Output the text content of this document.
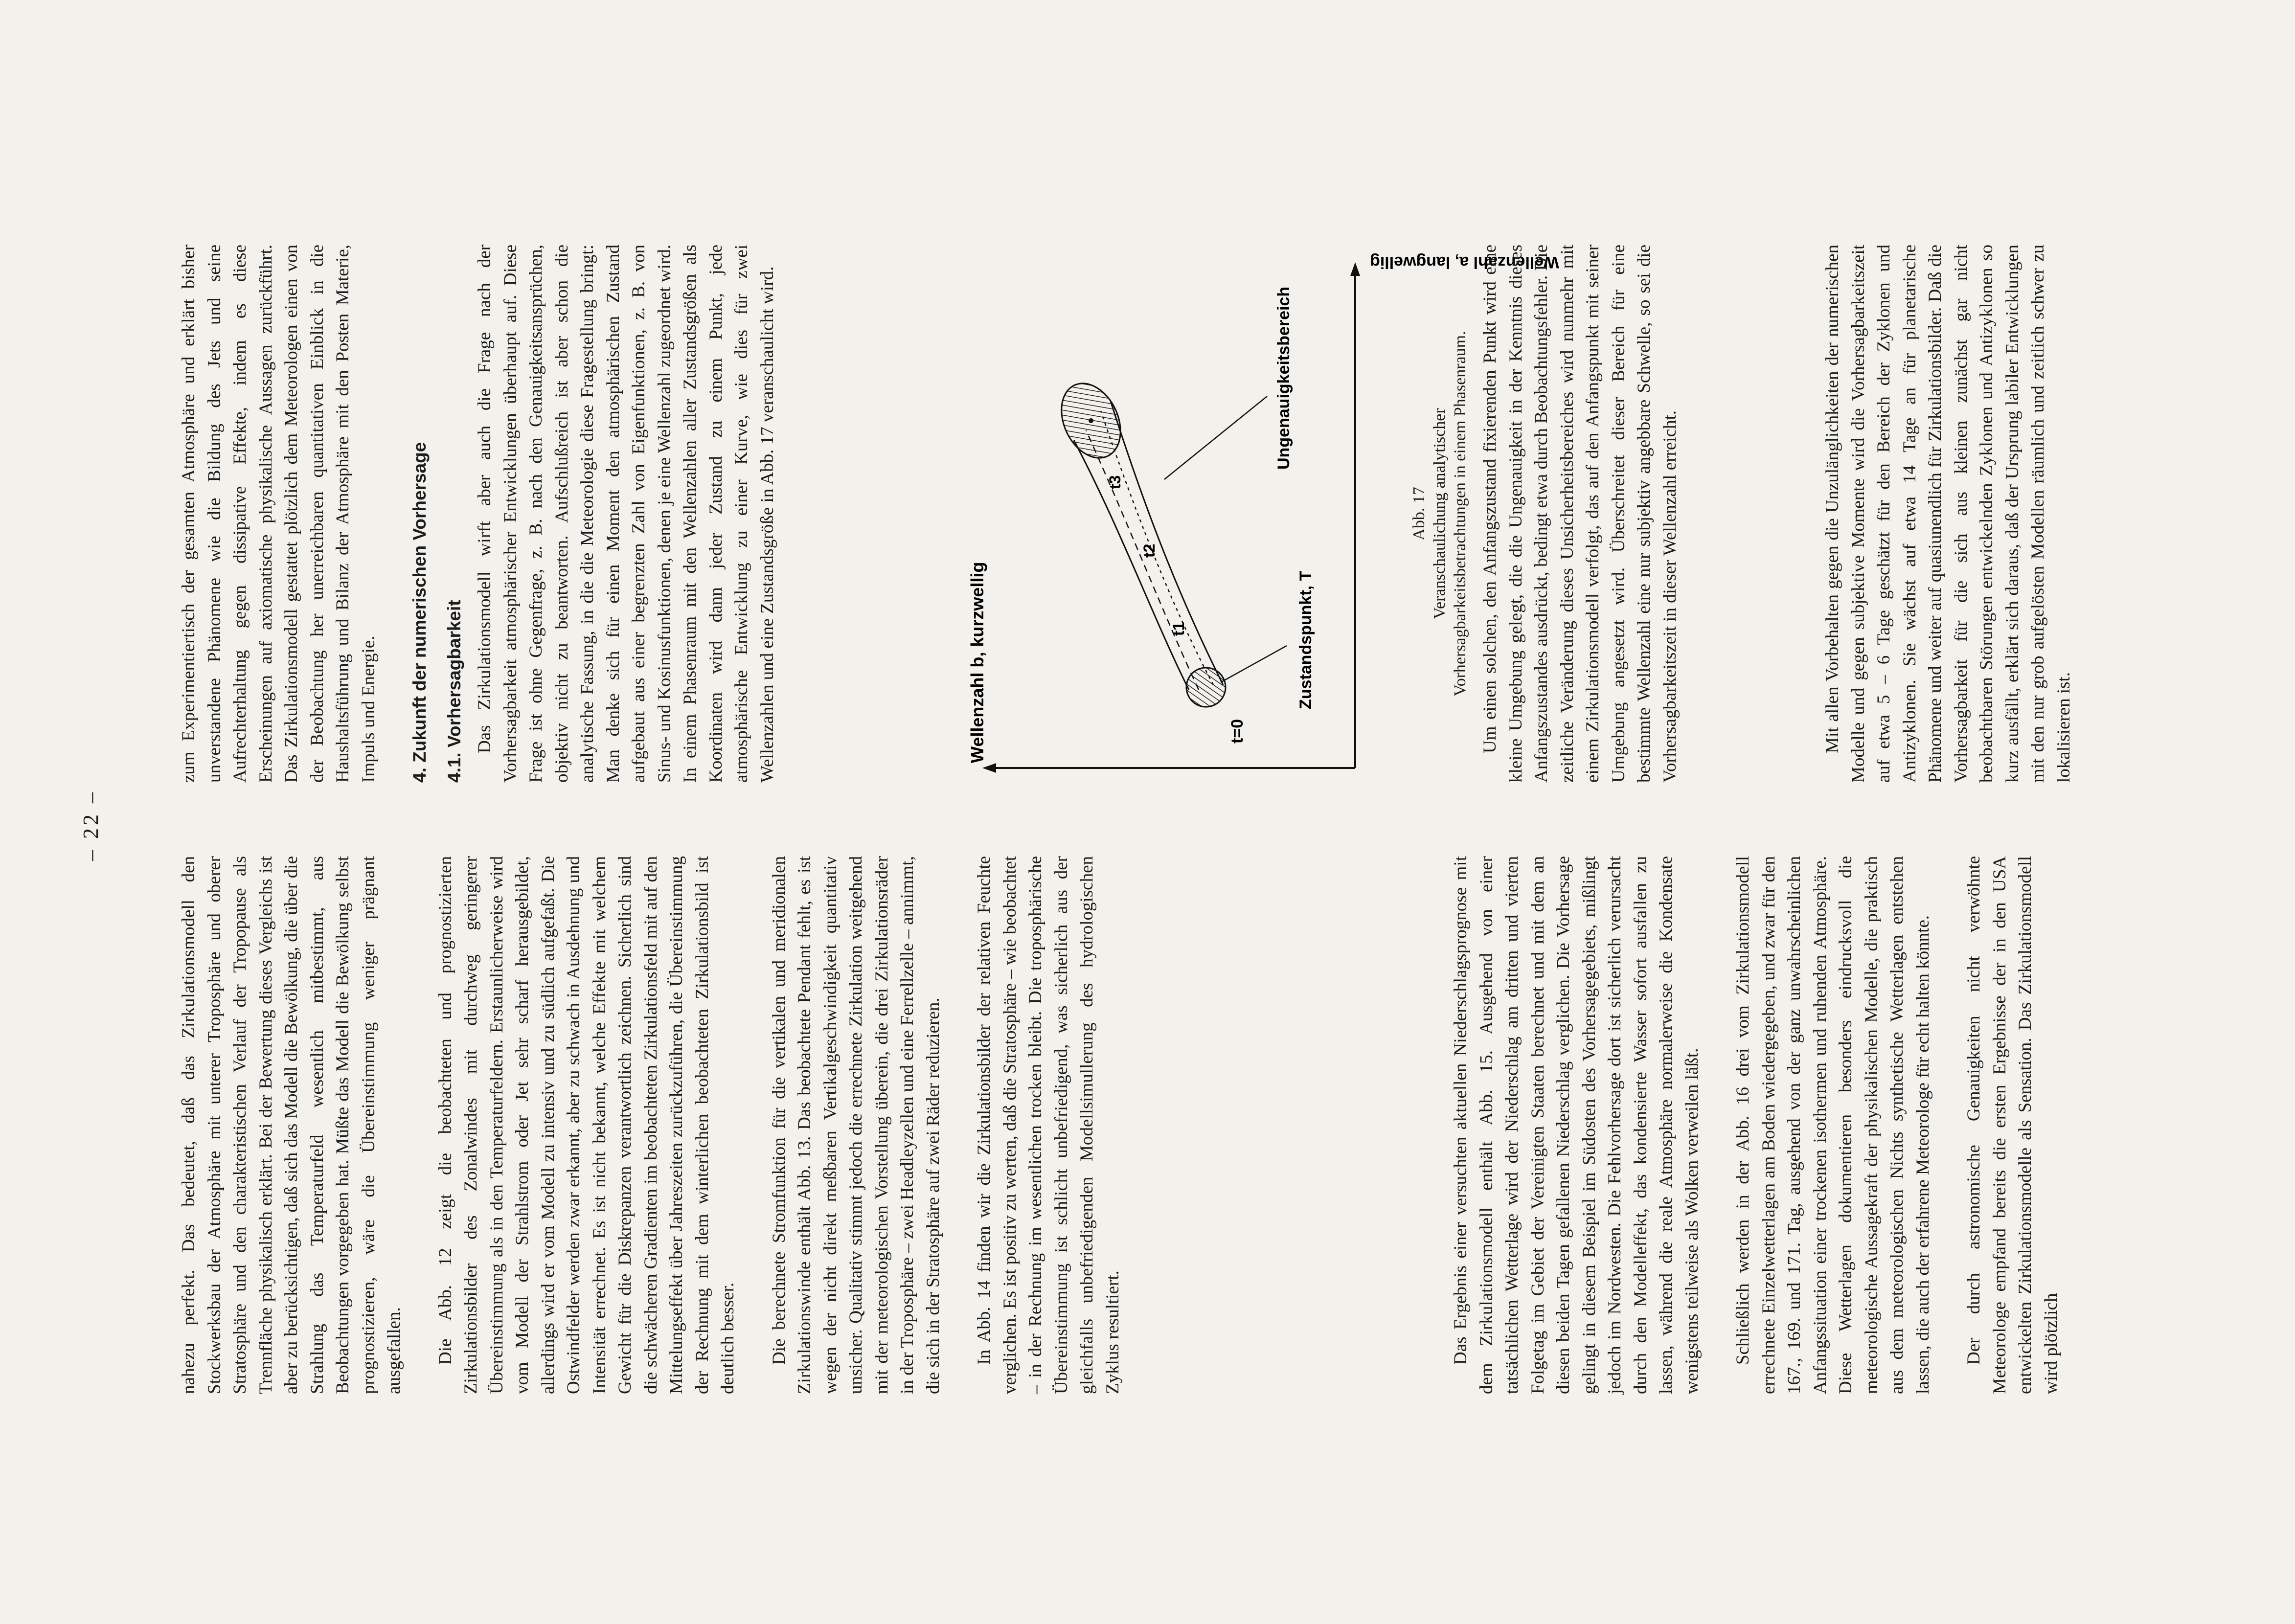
– 22 –

nahezu perfekt. Das bedeutet, daß das Zirkulationsmodell den Stockwerksbau der Atmosphäre mit unterer Troposphäre und oberer Stratosphäre und den charakteristischen Verlauf der Tropopause als Trennfläche physikalisch erklärt. Bei der Bewertung dieses Vergleichs ist aber zu berücksichtigen, daß sich das Modell die Bewölkung, die über die Strahlung das Temperaturfeld wesentlich mitbestimmt, aus Beobachtungen vorgegeben hat. Müßte das Modell die Bewölkung selbst prognostizieren, wäre die Übereinstimmung weniger prägnant ausgefallen. Die Abb. 12 zeigt die beobachteten und prognostizierten Zirkulationsbilder des Zonalwindes mit durchweg geringerer Übereinstimmung als in den Temperaturfeldern. Erstaunlicherweise wird vom Modell der Strahlstrom oder Jet sehr scharf herausgebildet, allerdings wird er vom Modell zu intensiv und zu südlich aufgefaßt. Die Ostwindfelder werden zwar erkannt, aber zu schwach in Ausdehnung und Intensität errechnet. Es ist nicht bekannt, welche Effekte mit welchem Gewicht für die Diskrepanzen verantwortlich zeichnen. Sicherlich sind die schwächeren Gradienten im beobachteten Zirkulationsfeld mit auf den Mittelungseffekt über Jahreszeiten zurückzuführen, die Übereinstimmung der Rechnung mit dem winterlichen beobachteten Zirkulationsbild ist deutlich besser. Die berechnete Stromfunktion für die vertikalen und meridionalen Zirkulationswinde enthält Abb. 13. Das beobachtete Pendant fehlt, es ist wegen der nicht direkt meßbaren Vertikalgeschwindigkeit quantitativ unsicher. Qualitativ stimmt jedoch die errechnete Zirkulation weitgehend mit der meteorologischen Vorstellung überein, die drei Zirkulationsräder in der Troposphäre – zwei Headleyzellen und eine Ferrellzelle – annimmt, die sich in der Stratosphäre auf zwei Räder reduzieren. In Abb. 14 finden wir die Zirkulationsbilder der relativen Feuchte verglichen. Es ist positiv zu werten, daß die Stratosphäre – wie beobachtet – in der Rechnung im wesentlichen trocken bleibt. Die troposphärische Übereinstimmung ist schlicht unbefriedigend, was sicherlich aus der gleichfalls unbefriedigenden Modellsimullerung des hydrologischen Zyklus resultiert.

zum Experimentiertisch der gesamten Atmosphäre und erklärt bisher unverstandene Phänomene wie die Bildung des Jets und seine Aufrechterhaltung gegen dissipative Effekte, indem es diese Erscheinungen auf axiomatische physikalische Aussagen zurückführt. Das Zirkulationsmodell gestattet plötzlich dem Meteorologen einen von der Beobachtung her unerreichbaren quantitativen Einblick in die Haushaltsführung und Bilanz der Atmosphäre mit den Posten Materie, Impuls und Energie. 4. Zukunft der numerischen Vorhersage 4.1. Vorhersagbarkeit Das Zirkulationsmodell wirft aber auch die Frage nach der Vorhersagbarkeit atmosphärischer Entwicklungen überhaupt auf. Diese Frage ist ohne Gegenfrage, z. B. nach den Genauigkeitsansprüchen, objektiv nicht zu beantworten. Aufschlußreich ist aber schon die analytische Fassung, in die die Meteorologie diese Fragestellung bringt: Man denke sich für einen Moment den atmosphärischen Zustand aufgebaut aus einer begrenzten Zahl von Eigenfunktionen, z. B. von Sinus- und Kosinusfunktionen, denen je eine Wellenzahl zugeordnet wird. In einem Phasenraum mit den Wellenzahlen aller Zustandsgrößen als Koordinaten wird dann jeder Zustand zu einem Punkt, jede atmosphärische Entwicklung zu einer Kurve, wie dies für zwei Wellenzahlen und eine Zustandsgröße in Abb. 17 veranschaulicht wird.	Wellenzahl b, kurzwellig
Wellenzahl a, langwellig
t=0
t1
t2
t3
Zustandspunkt, T
Ungenauigkeitsbereich
Abb. 17 Veranschaulichung analytischer Vorhersagbarkeitsbetrachtungen in einem Phasenraum. Um einen solchen, den Anfangszustand fixierenden Punkt wird eine kleine Umgebung gelegt, die die Ungenauigkeit in der Kenntnis dieses Anfangszustandes ausdrückt, bedingt etwa durch Beobachtungsfehler. Die zeitliche Veränderung dieses Unsicherheitsbereiches wird nunmehr mit einem Zirkulationsmodell verfolgt, das auf den Anfangspunkt mit seiner Umgebung angesetzt wird. Überschreitet dieser Bereich für eine bestimmte Wellenzahl eine nur subjektiv angebbare Schwelle, so sei die Vorhersagbarkeitszeit in dieser Wellenzahl erreicht.

Das Ergebnis einer versuchten aktuellen Niederschlagsprognose mit dem Zirkulationsmodell enthält Abb. 15. Ausgehend von einer tatsächlichen Wetterlage wird der Niederschlag am dritten und vierten Folgetag im Gebiet der Vereinigten Staaten berechnet und mit dem an diesen beiden Tagen gefallenen Niederschlag verglichen. Die Vorhersage gelingt in diesem Beispiel im Südosten des Vorhersagegebiets, mißlingt jedoch im Nordwesten. Die Fehlvorhersage dort ist sicherlich verursacht durch den Modelleffekt, das kondensierte Wasser sofort ausfallen zu lassen, während die reale Atmosphäre normalerweise die Kondensate wenigstens teilweise als Wolken verweilen läßt. Schließlich werden in der Abb. 16 drei vom Zirkulationsmodell errechnete Einzelwetterlagen am Boden wiedergegeben, und zwar für den 167., 169. und 171. Tag, ausgehend von der ganz unwahrscheinlichen Anfangssituation einer trockenen isothermen und ruhenden Atmosphäre. Diese Wetterlagen dokumentieren besonders eindrucksvoll die meteorologische Aussagekraft der physikalischen Modelle, die praktisch aus dem meteorologischen Nichts synthetische Wetterlagen entstehen lassen, die auch der erfahrene Meteorologe für echt halten könnte. Der durch astronomische Genauigkeiten nicht verwöhnte Meteorologe empfand bereits die ersten Ergebnisse der in den USA entwickelten Zirkulationsmodelle als Sensation. Das Zirkulationsmodell wird plötzlich

Mit allen Vorbehalten gegen die Unzulänglichkeiten der numerischen Modelle und gegen subjektive Momente wird die Vorhersagbarkeitszeit auf etwa 5 – 6 Tage geschätzt für den Bereich der Zyklonen und Antizyklonen. Sie wächst auf etwa 14 Tage an für planetarische Phänomene und weiter auf quasiunendlich für Zirkulationsbilder. Daß die Vorhersagbarkeit für die sich aus kleinen zunächst gar nicht beobachtbaren Störungen entwickelnden Zyklonen und Antizyklonen so kurz ausfällt, erklärt sich daraus, daß der Ursprung labiler Entwicklungen mit den nur grob aufgelösten Modellen räumlich und zeitlich schwer zu lokalisieren ist.
